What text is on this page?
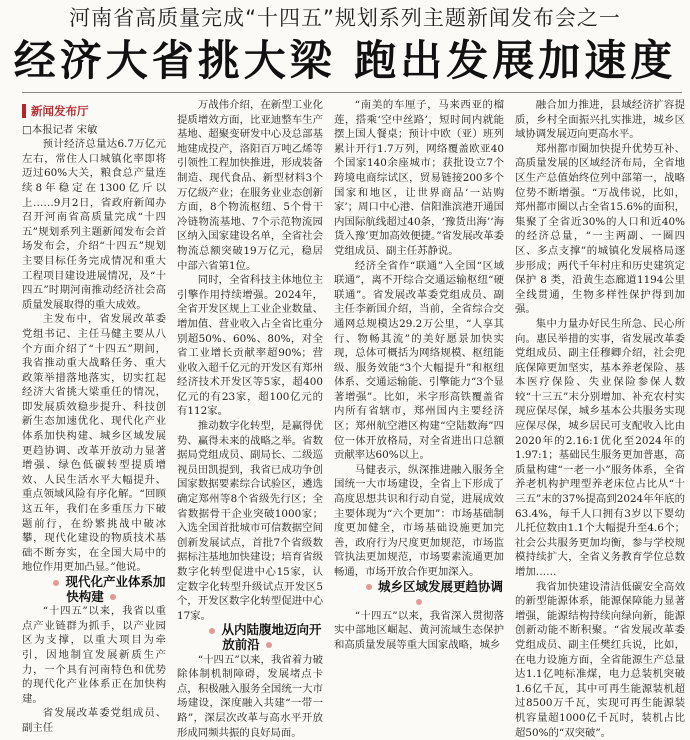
河南省高质量完成“十四五”规划系列主题新闻发布会之一
经济大省挑大梁 跑出发展加速度
新闻发布厅

□本报记者 宋敏

预计经济总量达6.7万亿元左右，常住人口城镇化率即将迈过60%大关，粮食总产量连续8年稳定在1300亿斤以上……9月2日，省政府新闻办召开河南省高质量完成“十四五”规划系列主题新闻发布会首场发布会，介绍“十四五”规划主要目标任务完成情况和重大工程项目建设进展情况，及“十四五”时期河南推动经济社会高质量发展取得的重大成效。

主发布中，省发展改革委党组书记、主任马健主要从八个方面介绍了“十四五”期间，我省推动重大战略任务、重大政策举措落地落实，切实扛起经济大省挑大梁重任的情况，即发展质效稳步提升、科技创新生态加速优化、现代化产业体系加快构建、城乡区域发展更趋协调、改革开放动力显著增强、绿色低碳转型提质增效、人民生活水平大幅提升、重点领域风险有序化解。“回顾这五年，我们在多重压力下破题前行，在纷繁挑战中破冰攀，现代化建设的物质技术基础不断夯实，在全国大局中的地位作用更加凸显。”他说。

现代化产业体系加快构建

“十四五”以来，我省以重点产业链群为抓手，以产业园区为支撑，以重大项目为牵引，因地制宜发展新质生产力，一个具有河南特色和优势的现代化产业体系正在加快构建。

省发展改革委党组成员、副主任

万战伟介绍，在新型工业化提质增效方面，比亚迪整车生产基地、超聚变研发中心及总部基地建成投产，洛阳百万吨乙烯等引领性工程加快推进，形成装备制造、现代食品、新型材料3个万亿级产业；在服务业业态创新方面，8个物流枢纽、5个骨干冷链物流基地、7个示范物流园区纳入国家建设名单，全省社会物流总额突破19万亿元，稳居中部六省第1位。

同时，全省科技主体地位主引擎作用持续增强。2024年，全省开发区规上工业企业数量、增加值、营业收入占全省比重分别超50%、60%、80%，对全省工业增长贡献率超90%；营业收入超千亿元的开发区有郑州经济技术开发区等5家，超400亿元的有23家，超100亿元的有112家。

推动数字化转型，是赢得优势、赢得未来的战略之举。省数据局党组成员、副局长、二级巡视员田凯提到，我省已成功争创国家数据要素综合试验区，遴选确定郑州等8个省级先行区；全省数据骨干企业突破1000家；入选全国首批城市可信数据空间创新发展试点，首批7个省级数据标注基地加快建设；培育省级数字化转型促进中心15家，认定数字化转型升级试点开发区5个，开发区数字化转型促进中心17家。

从内陆腹地迈向开放前沿

“十四五”以来，我省着力破除体制机制障碍，发展堵点卡点，积极融入服务全国统一大市场建设，深度融入共建“一带一路”，深层次改革与高水平开放形成同频共振的良好局面。

“南美的车厘子，马来西亚的榴莲，搭乘‘空中丝路’，短时间内就能摆上国人餐桌；预计中欧（亚）班列累计开行1.7万列，网络覆盖欧亚40个国家140余座城市；获批设立7个跨境电商综试区，贸易链接200多个国家和地区，让世界商品‘一站购家’；周口中心港、信阳淮滨港开通国内国际航线超过40条，‘豫货出海’‘海货入豫’更加高效便捷。”省发展改革委党组成员、副主任苏静说。

经济全省作“联通”入全国“区域联通”，离不开综合交通运输枢纽“硬联通”。省发展改革委党组成员、副主任李新国介绍，当前，全省综合交通网总规模达29.2万公里，“人享其行、物畅其流”的美好愿景加快实现，总体可概括为网络规模、枢纽能级、服务效能“3个大幅提升”和枢纽体系、交通运输能、引擎能力“3个显著增强”。比如，米字形高铁覆盖省内所有省辖市，郑州国内主要经济区；郑州航空港区构建“空陆数海”四位一体开放格局，对全省进出口总额贡献率达60%以上。

马健表示，纵深推进融入服务全国统一大市场建设，全省上下形成了高度思想共识和行动自觉，进展成效主要体现为“六个更加”：市场基础制度更加健全，市场基础设施更加完善，政府行为尺度更加规范，市场监管执法更加规范，市场要素流通更加畅通，市场开放合作更加深入。

城乡区域发展更趋协调

“十四五”以来，我省深入贯彻落实中部地区崛起、黄河流域生态保护和高质量发展等重大国家战略，城乡

融合加力推进，县域经济扩容提质，乡村全面振兴扎实推进，城乡区域协调发展迈向更高水平。

郑州都市圈加快提升优势互补、高质量发展的区域经济布局，全省地区生产总值始终位列中部第一，战略位势不断增强。“万战伟说，比如，郑州都市圈以占全省15.6%的面积，集聚了全省近30%的人口和近40%的经济总量，“一主两副、一圈四区、多点支撑”的城镇化发展格局逐步形成；两代千年村庄和历史建筑定保护 8 类，沿黄生态廊道1194公里全线贯通，生物多样性保护得到加强。

集中力量办好民生所急、民心所向。惠民举措的实事，省发展改革委党组成员、副主任穆卿介绍，社会兜底保障更加坚实，基本养老保险、基本医疗保险、失业保险参保人数较“十三五”末分别增加、补充农村实现应保尽保，城乡基本公共服务实现应保尽保，城乡居民可支配收入比由2020年的2.16:1优化至2024年的1.97:1；基础民生服务更加普惠，高质量构建“一老一小”服务体系，全省养老机构护理型养老床位占比从“十三五”末的37%提高到2024年年底的63.4%，每千人口拥有3岁以下婴幼儿托位数由1.1个大幅提升至4.6个；社会公共服务更加均衡，参与学校规模持续扩大，全省义务教育学位总数增加……

我省加快建设清洁低碳安全高效的新型能源体系，能源保障能力显著增强，能源结构持续向绿向新，能源创新动能不断积聚。“省发展改革委党组成员、副主任樊红兵说，比如，在电力设施方面，全省能源生产总量达1.1亿吨标准煤，电力总装机突破1.6亿千瓦，其中可再生能源装机超过8500万千瓦，实现可再生能源装机容量超1000亿千瓦时，装机占比超50%的“双突破”。
